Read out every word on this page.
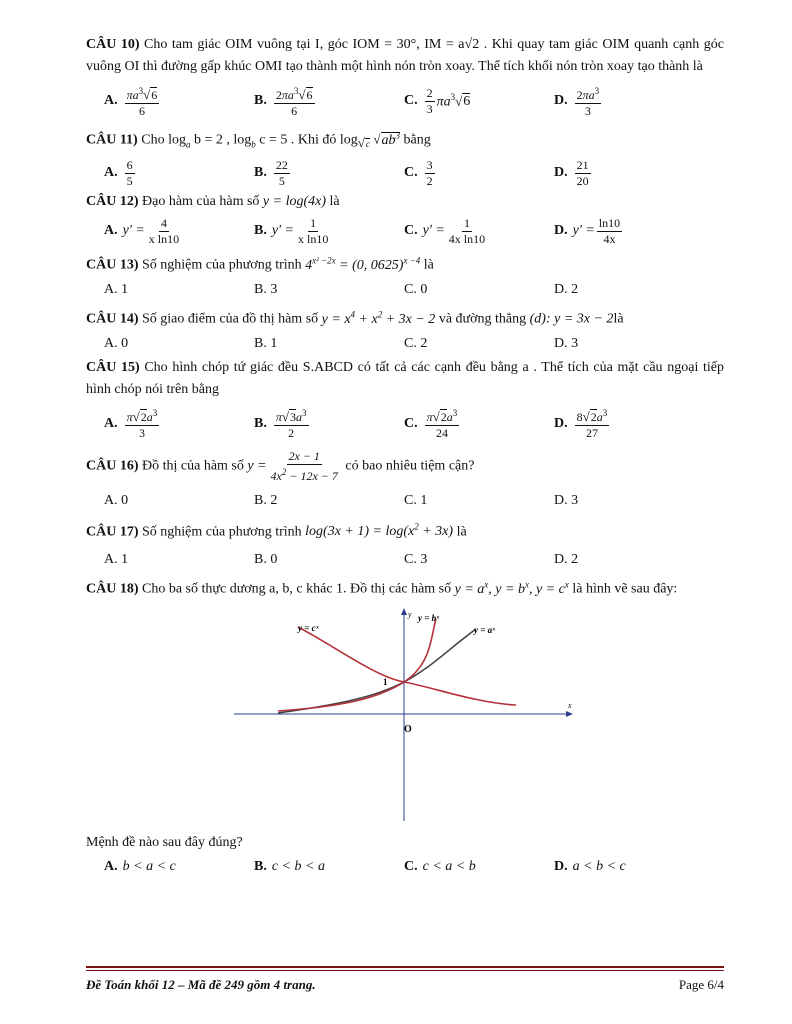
CÂU 10) Cho tam giác OIM vuông tại I, góc IOM = 30°, IM = a√2 . Khi quay tam giác OIM quanh cạnh góc vuông OI thì đường gấp khúc OMI tạo thành một hình nón tròn xoay. Thể tích khối nón tròn xoay tạo thành là

A. $\frac{\pi a^3√6}{6}$	B. $\frac{2\pi a^3√6}{6}$	C. $\frac{2}{3} \pi a^3√6$	D. $\frac{2\pi a^3}{3}$

CÂU 11) Cho $\log_a b = 2$ , $\log_b c = 5$ . Khi đó $\log_{√c} √ab^3$ bằng

A. $\frac{6}{5}$	B. $\frac{22}{5}$	C. $\frac{3}{2}$	D. $\frac{21}{20}$

CÂU 12) Đạo hàm của hàm số y = log(4x) là

A. $y' = \frac{4}{\text{x ln10}}$	B. $y' = \frac{1}{\text{x ln10}}$	C. $y' = \frac{1}{\text{4x ln10}}$	D. $y' = \frac{\ln 10}{4x}$

CÂU 13) Số nghiệm của phương trình $4^{x^2 -2x} = (0$, 0625)$^{x -4}$ là

A. 1	B. 3	C. 0	D. 2

CÂU 14) Số giao điểm của đồ thị hàm số $y = x^4 + x^2 + 3x - 2$ và đường thẳng (d): y = 3x − 2là

A. 0	B. 1	C. 2	D. 3

CÂU 15) Cho hình chóp tứ giác đều S.ABCD có tất cả các cạnh đều bằng a . Thể tích của mặt cầu ngoại tiếp hình chóp nói trên bằng

A. $\frac{\pi√2a^3}{3}$	B. $\frac{\pi√3a^3}{2}$	C. $\frac{\pi√2a^3}{24}$	D. $\frac{8√2a^3}{27}$

CÂU 16) Đồ thị của hàm số $y = \frac{2x - 1}{4x^2 - 12x - 7}$ có bao nhiêu tiệm cận?

A. 0	B. 2	C. 1	D. 3

CÂU 17) Số nghiệm của phương trình $\log(3x + 1) = \log(x^2 + 3x)$ là

A. 1	B. 0	C. 3	D. 2

CÂU 18) Cho ba số thực dương a, b, c khác 1. Đồ thị các hàm số $y = a^x$, $y = b^x$, $y = c^x$ là hình vẽ sau đây:

y = cˣ
y = bˣ
y = aˣ
y
x
O
1

Mệnh đề nào sau đây đúng?

A. b < a < c	B. c < b < a	C. c < a < b	D. a < b < c
Đề Toán khối 12 – Mã đề 249 gồm 4 trang.	Page 6/4
